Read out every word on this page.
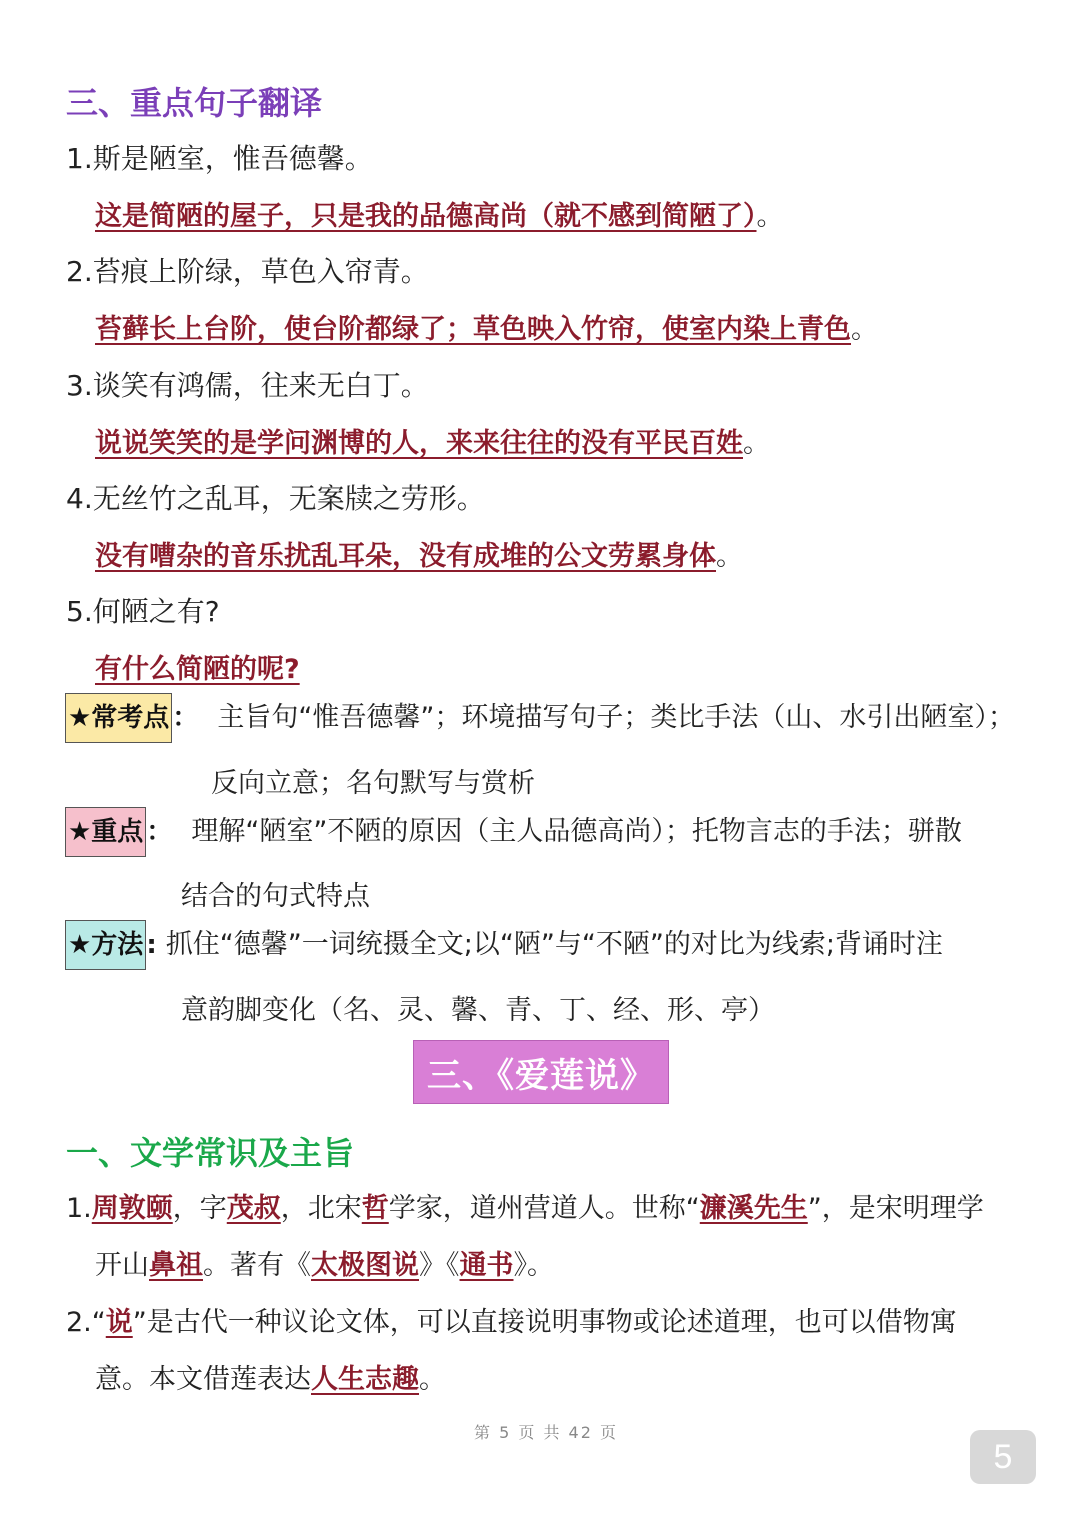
三、重点句子翻译
1.斯是陋室，惟吾德馨。
这是简陋的屋子，只是我的品德高尚（就不感到简陋了）。
2.苔痕上阶绿，草色入帘青。
苔藓长上台阶，使台阶都绿了；草色映入竹帘，使室内染上青色。
3.谈笑有鸿儒，往来无白丁。
说说笑笑的是学问渊博的人，来来往往的没有平民百姓。
4.无丝竹之乱耳，无案牍之劳形。
没有嘈杂的音乐扰乱耳朵，没有成堆的公文劳累身体。
5.何陋之有?
有什么简陋的呢?
★常考点 ： 主旨句“惟吾德馨”；环境描写句子；类比手法（山、水引出陋室）；
反向立意；名句默写与赏析
★重点 ： 理解“陋室”不陋的原因（主人品德高尚）；托物言志的手法；骈散
结合的句式特点
★方法 : 抓住“德馨”一词统摄全文;以“陋”与“不陋”的对比为线索;背诵时注
意韵脚变化（名、灵、馨、青、丁、经、形、亭）
三、《爱莲说》
一、文学常识及主旨
1.周敦颐，字茂叔，北宋哲学家，道州营道人。世称“濂溪先生”，是宋明理学
开山鼻祖。著有《太极图说》《通书》。
2.“说”是古代一种议论文体，可以直接说明事物或论述道理，也可以借物寓
意。本文借莲表达人生志趣。
第 5 页 共 42 页
5
